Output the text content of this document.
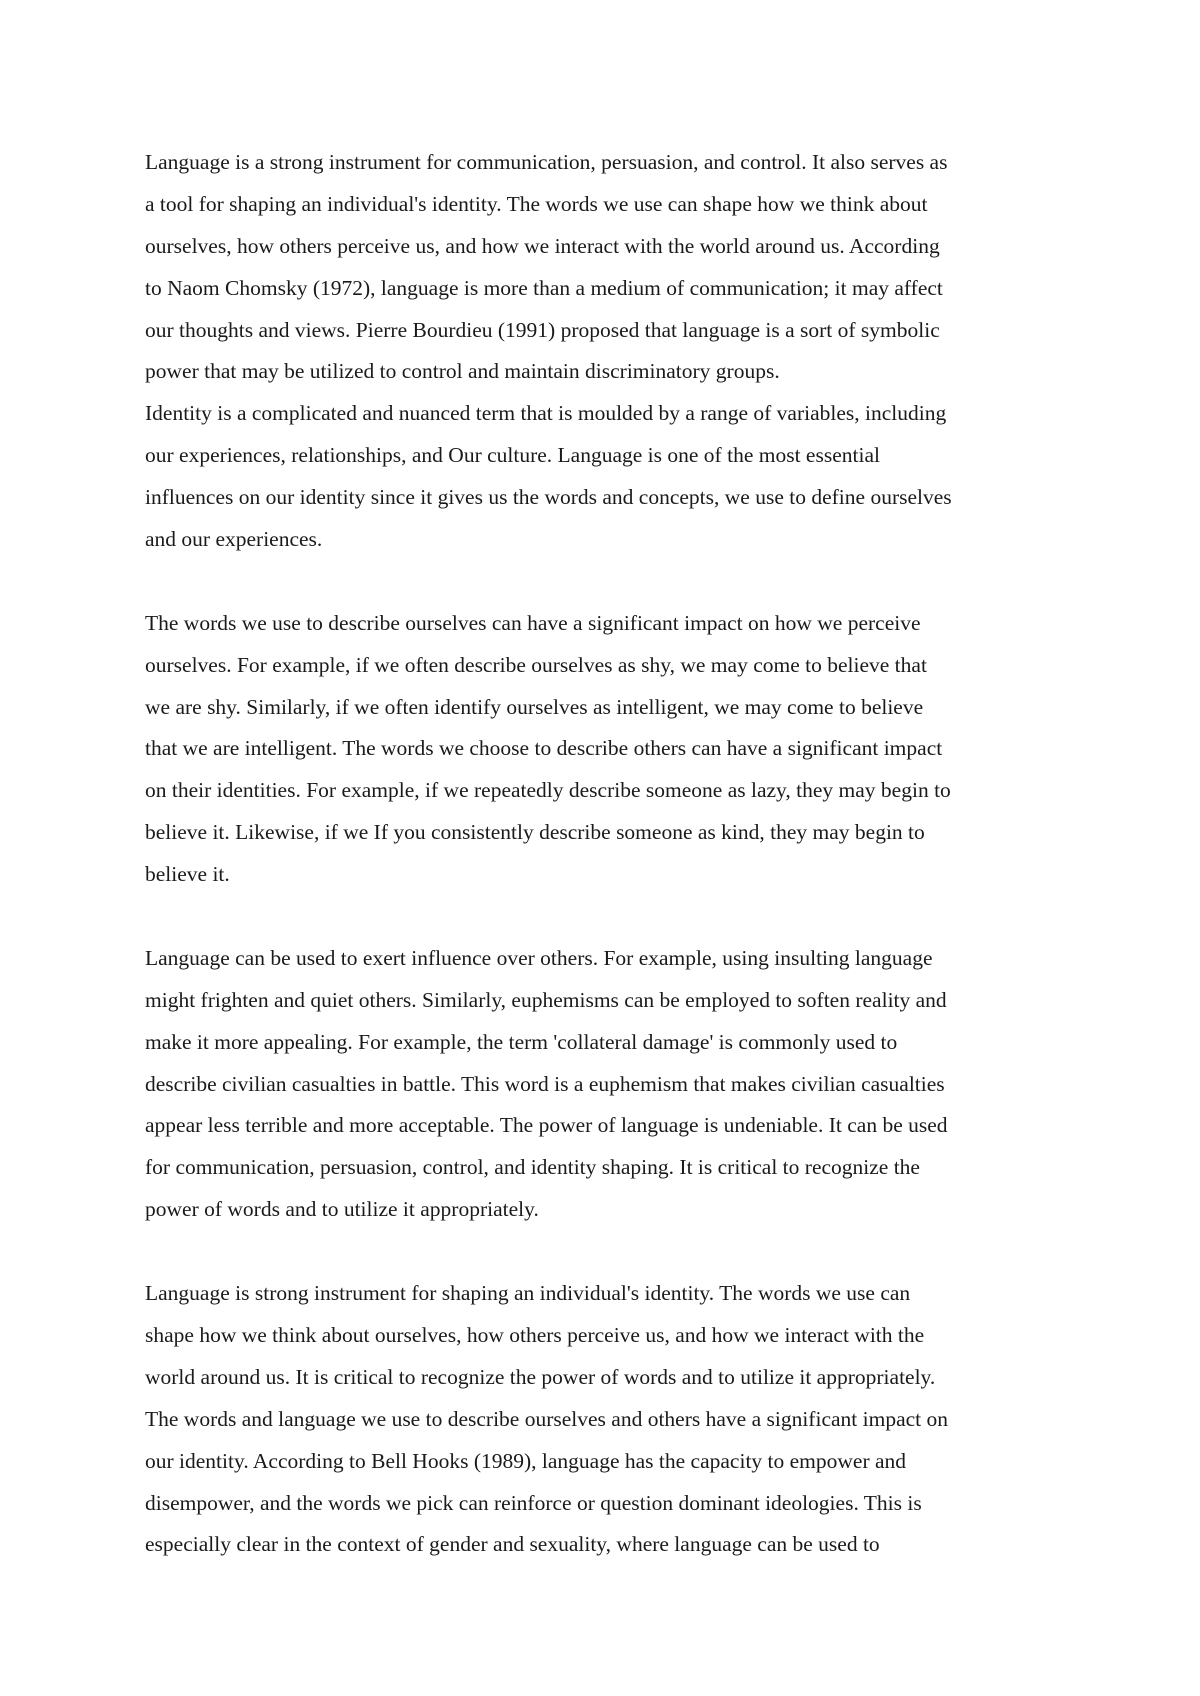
Language is a strong instrument for communication, persuasion, and control. It also serves as
a tool for shaping an individual's identity. The words we use can shape how we think about
ourselves, how others perceive us, and how we interact with the world around us. According
to Naom Chomsky (1972), language is more than a medium of communication; it may affect
our thoughts and views. Pierre Bourdieu (1991) proposed that language is a sort of symbolic
power that may be utilized to control and maintain discriminatory groups.
Identity is a complicated and nuanced term that is moulded by a range of variables, including
our experiences, relationships, and Our culture. Language is one of the most essential
influences on our identity since it gives us the words and concepts, we use to define ourselves
and our experiences.
The words we use to describe ourselves can have a significant impact on how we perceive
ourselves. For example, if we often describe ourselves as shy, we may come to believe that
we are shy. Similarly, if we often identify ourselves as intelligent, we may come to believe
that we are intelligent. The words we choose to describe others can have a significant impact
on their identities. For example, if we repeatedly describe someone as lazy, they may begin to
believe it. Likewise, if we If you consistently describe someone as kind, they may begin to
believe it.
Language can be used to exert influence over others. For example, using insulting language
might frighten and quiet others. Similarly, euphemisms can be employed to soften reality and
make it more appealing. For example, the term 'collateral damage' is commonly used to
describe civilian casualties in battle. This word is a euphemism that makes civilian casualties
appear less terrible and more acceptable. The power of language is undeniable. It can be used
for communication, persuasion, control, and identity shaping. It is critical to recognize the
power of words and to utilize it appropriately.
Language is strong instrument for shaping an individual's identity. The words we use can
shape how we think about ourselves, how others perceive us, and how we interact with the
world around us. It is critical to recognize the power of words and to utilize it appropriately.
The words and language we use to describe ourselves and others have a significant impact on
our identity. According to Bell Hooks (1989), language has the capacity to empower and
disempower, and the words we pick can reinforce or question dominant ideologies. This is
especially clear in the context of gender and sexuality, where language can be used to
